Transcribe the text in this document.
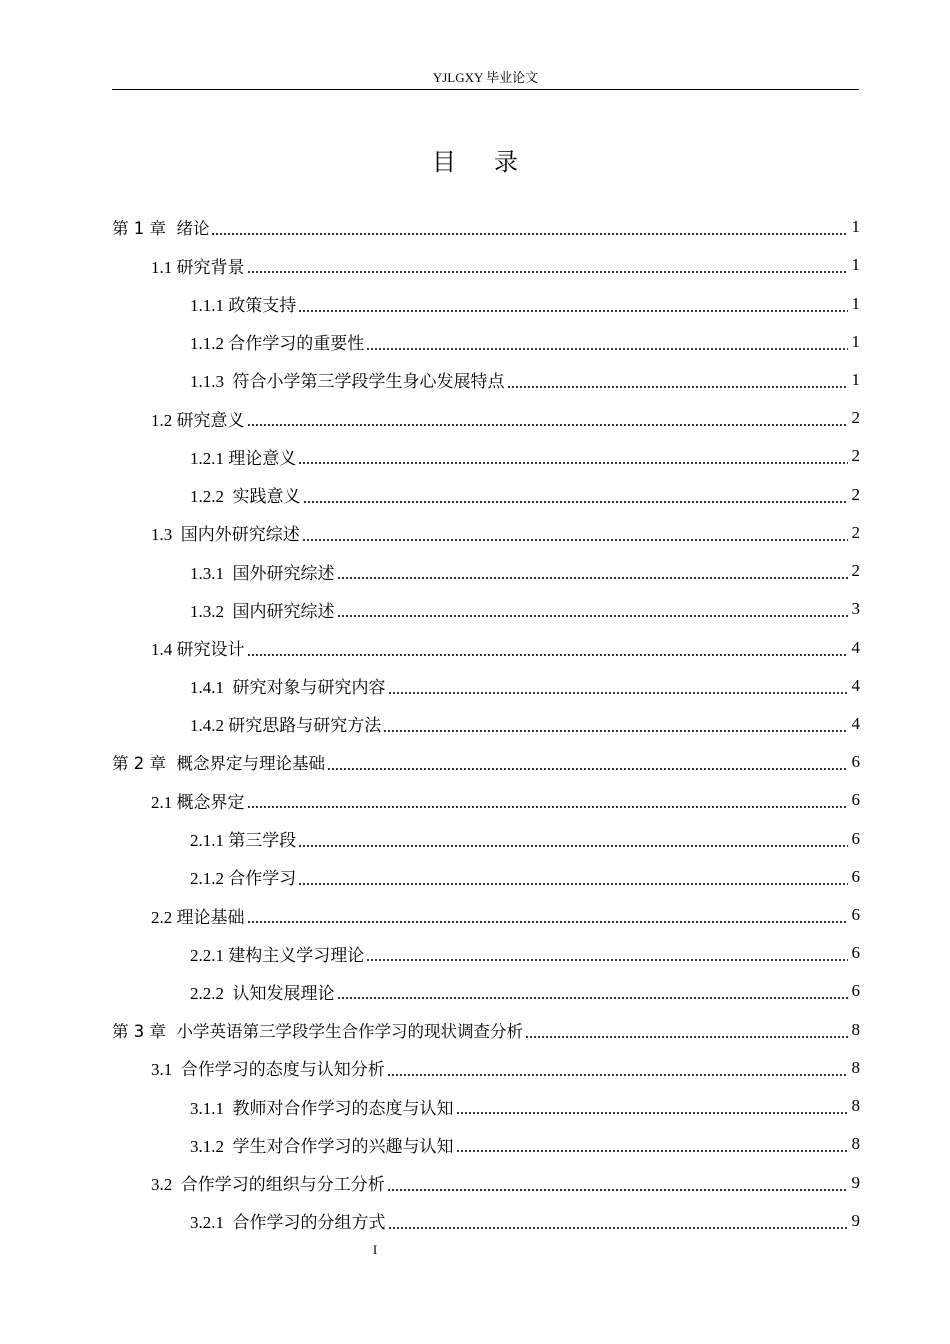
YJLGXY 毕业论文
目录
第 1 章  绪论	1
1.1 研究背景	1
1.1.1 政策支持	1
1.1.2 合作学习的重要性	1
1.1.3  符合小学第三学段学生身心发展特点	1
1.2 研究意义	2
1.2.1 理论意义	2
1.2.2  实践意义	2
1.3  国内外研究综述	2
1.3.1  国外研究综述	2
1.3.2  国内研究综述	3
1.4 研究设计	4
1.4.1  研究对象与研究内容	4
1.4.2 研究思路与研究方法	4
第 2 章  概念界定与理论基础	6
2.1 概念界定	6
2.1.1 第三学段	6
2.1.2 合作学习	6
2.2 理论基础	6
2.2.1 建构主义学习理论	6
2.2.2  认知发展理论	6
第 3 章  小学英语第三学段学生合作学习的现状调查分析	8
3.1  合作学习的态度与认知分析	8
3.1.1  教师对合作学习的态度与认知	8
3.1.2  学生对合作学习的兴趣与认知	8
3.2  合作学习的组织与分工分析	9
3.2.1  合作学习的分组方式	9
I
